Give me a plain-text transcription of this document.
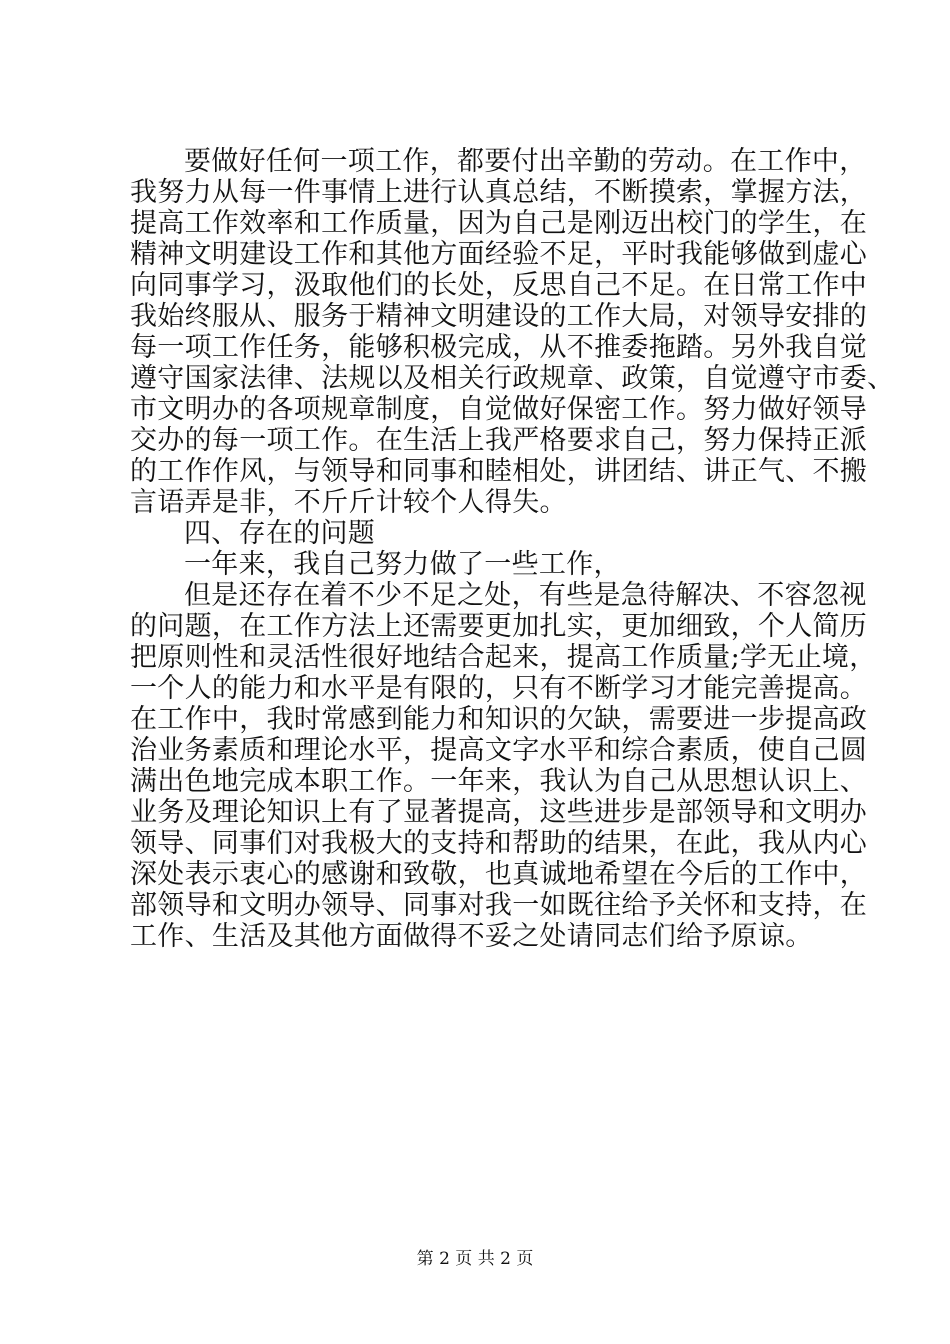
要做好任何一项工作，都要付出辛勤的劳动。在工作中，
我努力从每一件事情上进行认真总结，不断摸索，掌握方法，
提高工作效率和工作质量，因为自己是刚迈出校门的学生，在
精神文明建设工作和其他方面经验不足，平时我能够做到虚心
向同事学习，汲取他们的长处，反思自己不足。在日常工作中
我始终服从、服务于精神文明建设的工作大局，对领导安排的
每一项工作任务，能够积极完成，从不推委拖踏。另外我自觉
遵守国家法律、法规以及相关行政规章、政策，自觉遵守市委、
市文明办的各项规章制度，自觉做好保密工作。努力做好领导
交办的每一项工作。在生活上我严格要求自己，努力保持正派
的工作作风，与领导和同事和睦相处，讲团结、讲正气、不搬
言语弄是非，不斤斤计较个人得失。
四、存在的问题
一年来，我自己努力做了一些工作，
但是还存在着不少不足之处，有些是急待解决、不容忽视
的问题，在工作方法上还需要更加扎实，更加细致，个人简历
把原则性和灵活性很好地结合起来，提高工作质量;学无止境，
一个人的能力和水平是有限的，只有不断学习才能完善提高。
在工作中，我时常感到能力和知识的欠缺，需要进一步提高政
治业务素质和理论水平，提高文字水平和综合素质，使自己圆
满出色地完成本职工作。一年来，我认为自己从思想认识上、
业务及理论知识上有了显著提高，这些进步是部领导和文明办
领导、同事们对我极大的支持和帮助的结果，在此，我从内心
深处表示衷心的感谢和致敬，也真诚地希望在今后的工作中，
部领导和文明办领导、同事对我一如既往给予关怀和支持，在
工作、生活及其他方面做得不妥之处请同志们给予原谅。
第 2 页 共 2 页
